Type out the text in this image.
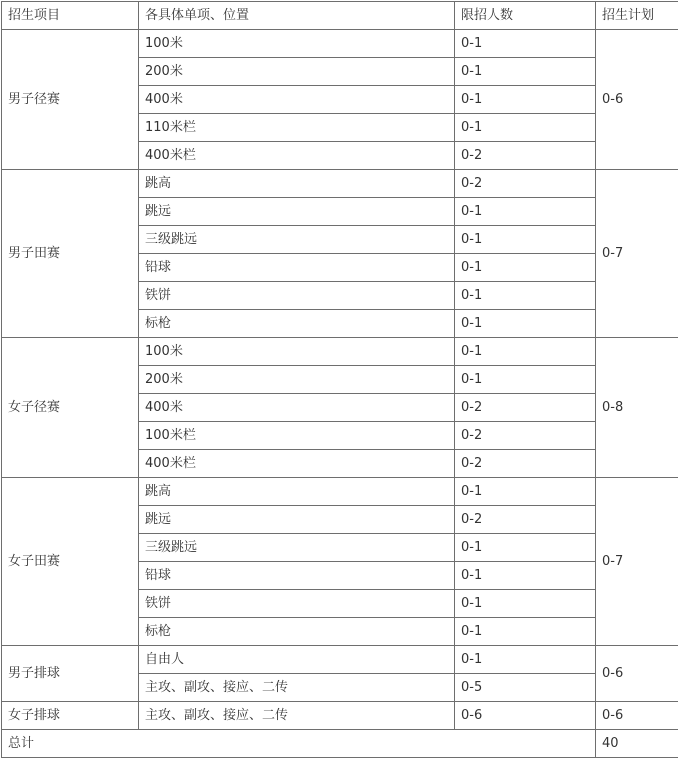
招生项目	各具体单项、位置	限招人数	招生计划
男子径赛	100米	0-1	0-6
	200米	0-1	
	400米	0-1	
	110米栏	0-1	
	400米栏	0-2	
男子田赛	跳高	0-2	0-7
	跳远	0-1	
	三级跳远	0-1	
	铅球	0-1	
	铁饼	0-1	
	标枪	0-1	
女子径赛	100米	0-1	0-8
	200米	0-1	
	400米	0-2	
	100米栏	0-2	
	400米栏	0-2	
女子田赛	跳高	0-1	0-7
	跳远	0-2	
	三级跳远	0-1	
	铅球	0-1	
	铁饼	0-1	
	标枪	0-1	
男子排球	自由人	0-1	0-6
	主攻、副攻、接应、二传	0-5	
女子排球	主攻、副攻、接应、二传	0-6	0-6
总计			40
